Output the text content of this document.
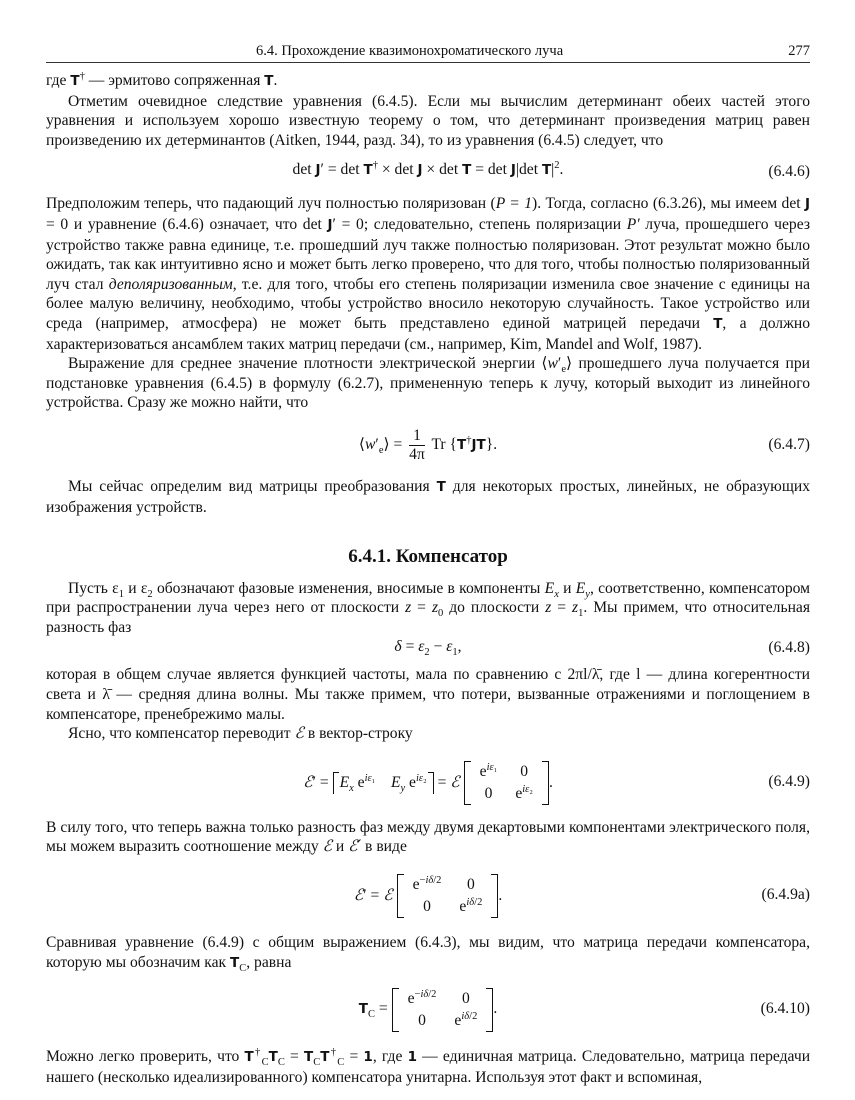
6.4. Прохождение квазимонохроматического луча	277

где T† — эрмитово сопряженная T.

Отметим очевидное следствие уравнения (6.4.5). Если мы вычислим детерминант обеих частей этого уравнения и используем хорошо известную теорему о том, что детерминант произведения матриц равен произведению их детерминантов (Aitken, 1944, разд. 34), то из уравнения (6.4.5) следует, что

det J′ = det T† × det J × det T = det J|det $T|^2$.	(6.4.6)

Предположим теперь, что падающий луч полностью поляризован (P = 1). Тогда, согласно (6.3.26), мы имеем det J = 0 и уравнение (6.4.6) означает, что det J′ = 0; следовательно, степень поляризации P′ луча, прошедшего через устройство также равна единице, т.е. прошедший луч также полностью поляризован. Этот результат можно было ожидать, так как интуитивно ясно и может быть легко проверено, что для того, чтобы полностью поляризованный луч стал деполяризованным, т.е. для того, чтобы его степень поляризации изменила свое значение с единицы на более малую величину, необходимо, чтобы устройство вносило некоторую случайность. Такое устройство или среда (например, атмосфера) не может быть представлено единой матрицей передачи T, а должно характеризоваться ансамблем таких матриц передачи (см., например, Kim, Mandel and Wolf, 1987).

Выражение для среднее значение плотности электрической энергии $⟨w'_e⟩$ прошедшего луча получается при подстановке уравнения (6.4.5) в формулу (6.2.7), примененную теперь к лучу, который выходит из линейного устройства. Сразу же можно найти, что

$⟨w'_e⟩ = \frac{1}{4\pi}$ Tr {T†JT}.	(6.4.7)

Мы сейчас определим вид матрицы преобразования T для некоторых простых, линейных, не образующих изображения устройств.

6.4.1. Компенсатор

Пусть $\varepsilon_1$ и $\varepsilon_2$ обозначают фазовые изменения, вносимые в компоненты $E_x$ и $E_y$, соответственно, компенсатором при распространении луча через него от плоскости $z = z_0$ до плоскости $z = z_1$. Мы примем, что относительная разность фаз

$\delta = \varepsilon_2 - \varepsilon_1$,	(6.4.8)

которая в общем случае является функцией частоты, мала по сравнению с 2πl/λ̄, где l — длина когерентности света и λ̄ — средняя длина волны. Мы также примем, что потери, вызванные отражениями и поглощением в компенсаторе, пренебрежимо малы.

Ясно, что компенсатор переводит ℰ в вектор-строку

ℰ′ = $E_x$ $e^{i\varepsilon_1}$ $E_y$ $e^{i\varepsilon_2}$ = ℰ
$e^{i\varepsilon_1}$	0
0	$e^{i\varepsilon_2}$ .	(6.4.9)

В силу того, что теперь важна только разность фаз между двумя декартовыми компонентами электрического поля, мы можем выразить соотношение между ℰ и ℰ′ в виде

ℰ′ = ℰ
$e^{-i\delta/2}$	0
0	$e^{i\delta/2}$ .	(6.4.9a)

Сравнивая уравнение (6.4.9) с общим выражением (6.4.3), мы видим, что матрица передачи компенсатора, которую мы обозначим как $T_C$, равна

$T_C$ =
$e^{-i\delta/2}$	0
0	$e^{i\delta/2}$ .	(6.4.10)

Можно легко проверить, что $T^\dagger_CT_C = T_CT^\dagger_C = 1$, где 1 — единичная матрица. Следовательно, матрица передачи нашего (несколько идеализированного) компенсатора унитарна. Используя этот факт и вспоминая,
